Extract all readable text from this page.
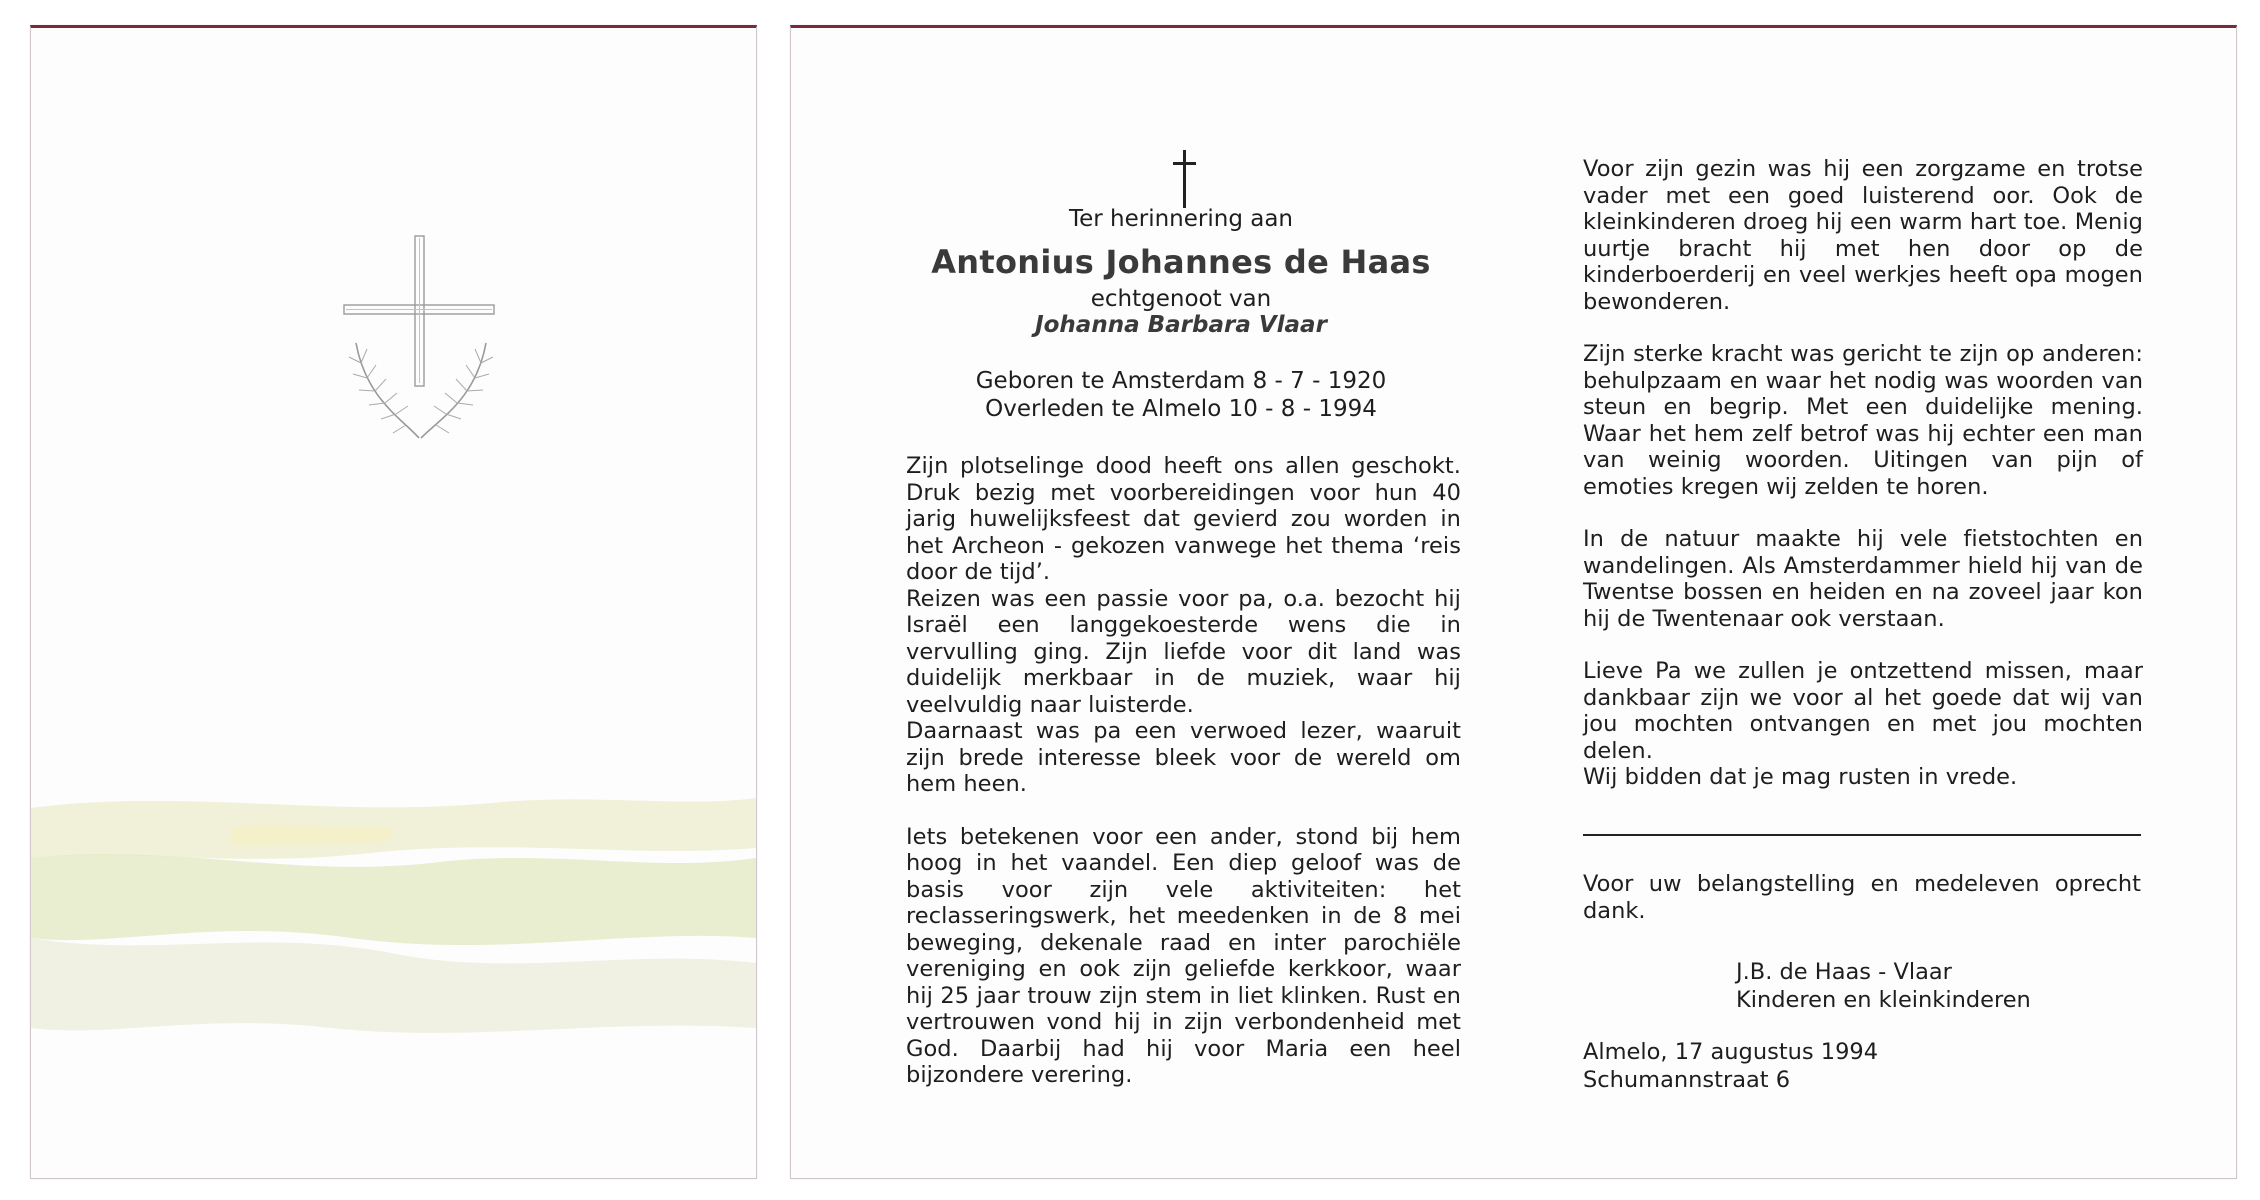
Ter herinnering aan
Antonius Johannes de Haas
echtgenoot van
Johanna Barbara Vlaar
Geboren te Amsterdam 8 - 7 - 1920
Overleden te Almelo 10 - 8 - 1994

Zijn plotselinge dood heeft ons allen geschokt. Druk bezig met voorbereidingen voor hun 40 jarig huwelijksfeest dat gevierd zou worden in het Archeon - gekozen vanwege het thema ‘reis door de tijd’.

Reizen was een passie voor pa, o.a. bezocht hij Israël een langgekoesterde wens die in vervulling ging. Zijn liefde voor dit land was duidelijk merkbaar in de muziek, waar hij veelvuldig naar luisterde.

Daarnaast was pa een verwoed lezer, waaruit zijn brede interesse bleek voor de wereld om hem heen.

Iets betekenen voor een ander, stond bij hem hoog in het vaandel. Een diep geloof was de basis voor zijn vele aktiviteiten: het reclasseringswerk, het meedenken in de 8 mei beweging, dekenale raad en inter parochiële vereniging en ook zijn geliefde kerkkoor, waar hij 25 jaar trouw zijn stem in liet klinken. Rust en vertrouwen vond hij in zijn verbondenheid met God. Daarbij had hij voor Maria een heel bijzondere verering.

Voor zijn gezin was hij een zorgzame en trotse vader met een goed luisterend oor. Ook de kleinkinderen droeg hij een warm hart toe. Menig uurtje bracht hij met hen door op de kinderboerderij en veel werkjes heeft opa mogen bewonderen.

Zijn sterke kracht was gericht te zijn op anderen: behulpzaam en waar het nodig was woorden van steun en begrip. Met een duidelijke mening. Waar het hem zelf betrof was hij echter een man van weinig woorden. Uitingen van pijn of emoties kregen wij zelden te horen.

In de natuur maakte hij vele fietstochten en wandelingen. Als Amsterdammer hield hij van de Twentse bossen en heiden en na zoveel jaar kon hij de Twentenaar ook verstaan.

Lieve Pa we zullen je ontzettend missen, maar dankbaar zijn we voor al het goede dat wij van jou mochten ontvangen en met jou mochten delen.

Wij bidden dat je mag rusten in vrede.

Voor uw belangstelling en medeleven oprecht dank.

J.B. de Haas - Vlaar
Kinderen en kleinkinderen
Almelo, 17 augustus 1994
Schumannstraat 6
